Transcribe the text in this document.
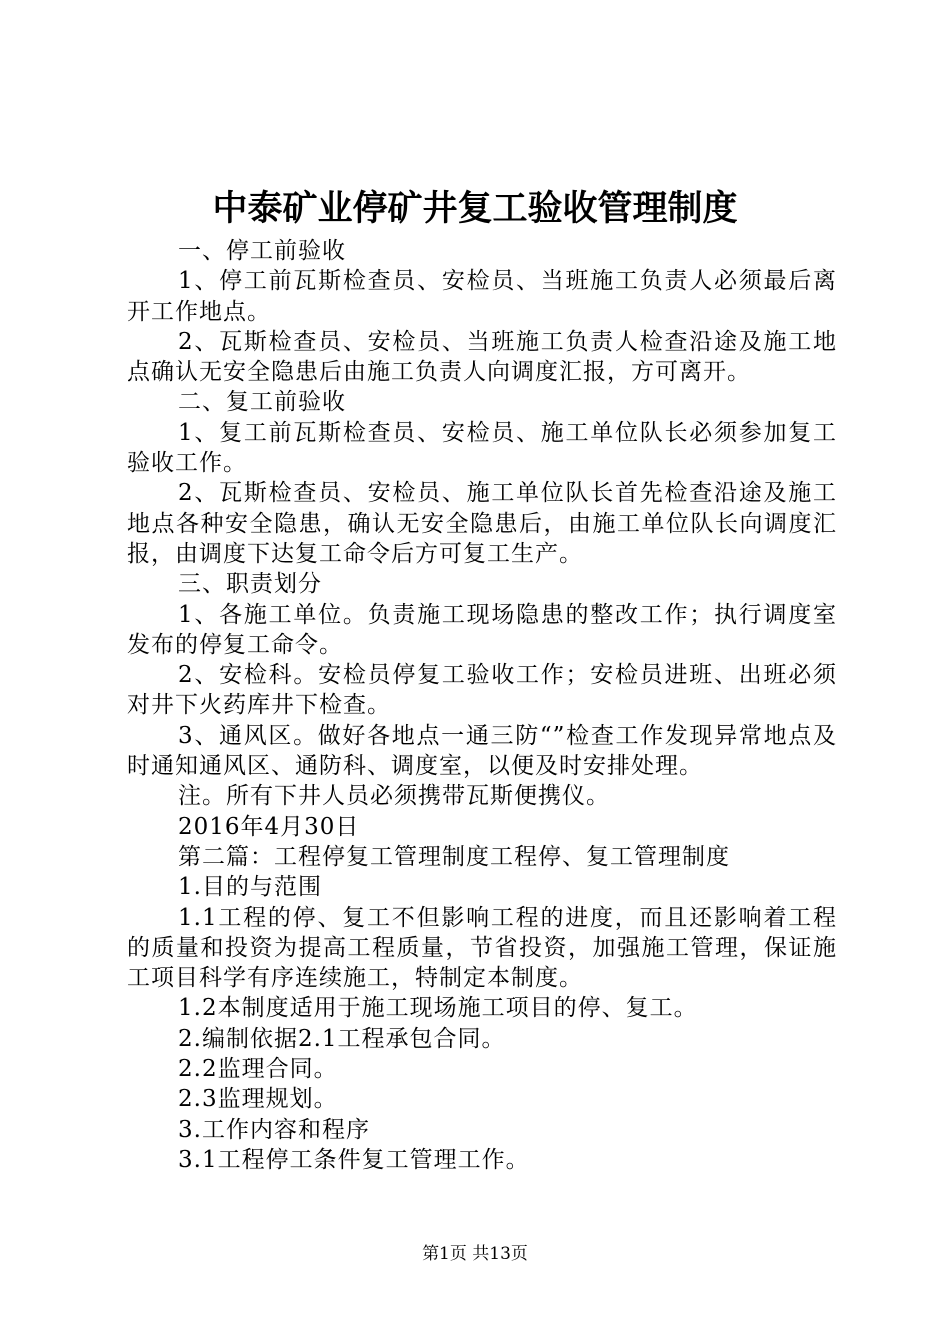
中泰矿业停矿井复工验收管理制度

一、停工前验收

1、停工前瓦斯检查员、安检员、当班施工负责人必须最后离开工作地点。

2、瓦斯检查员、安检员、当班施工负责人检查沿途及施工地点确认无安全隐患后由施工负责人向调度汇报，方可离开。

二、复工前验收

1、复工前瓦斯检查员、安检员、施工单位队长必须参加复工验收工作。

2、瓦斯检查员、安检员、施工单位队长首先检查沿途及施工地点各种安全隐患，确认无安全隐患后，由施工单位队长向调度汇报，由调度下达复工命令后方可复工生产。

三、职责划分

1、各施工单位。负责施工现场隐患的整改工作；执行调度室发布的停复工命令。

2、安检科。安检员停复工验收工作；安检员进班、出班必须对井下火药库井下检查。

3、通风区。做好各地点一通三防“”检查工作发现异常地点及时通知通风区、通防科、调度室，以便及时安排处理。

注。所有下井人员必须携带瓦斯便携仪。

2016年4月30日

第二篇：工程停复工管理制度工程停、复工管理制度

1.目的与范围

1.1工程的停、复工不但影响工程的进度，而且还影响着工程的质量和投资为提高工程质量，节省投资，加强施工管理，保证施工项目科学有序连续施工，特制定本制度。

1.2本制度适用于施工现场施工项目的停、复工。

2.编制依据2.1工程承包合同。

2.2监理合同。

2.3监理规划。

3.工作内容和程序

3.1工程停工条件复工管理工作。

第1页 共13页
